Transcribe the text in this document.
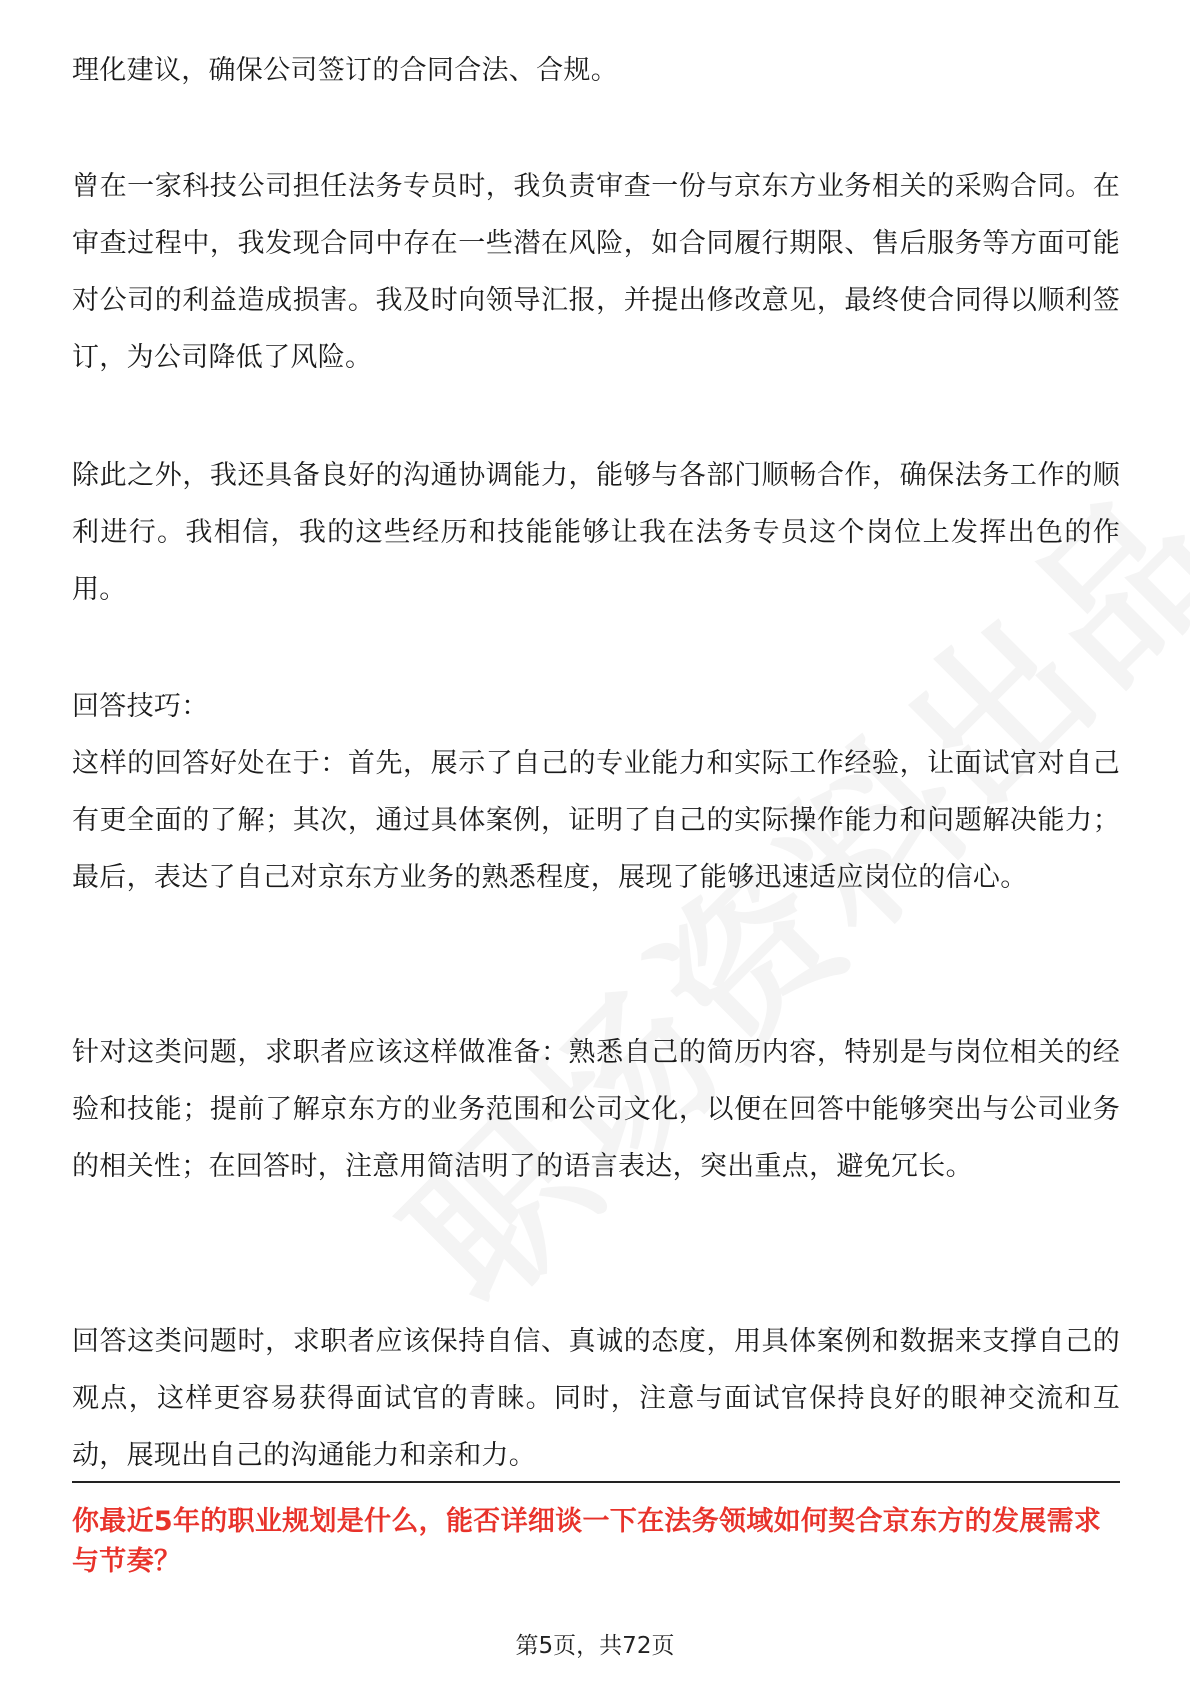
理化建议，确保公司签订的合同合法、合规。

曾在一家科技公司担任法务专员时，我负责审查一份与京东方业务相关的采购合同。在审查过程中，我发现合同中存在一些潜在风险，如合同履行期限、售后服务等方面可能对公司的利益造成损害。我及时向领导汇报，并提出修改意见，最终使合同得以顺利签订，为公司降低了风险。

除此之外，我还具备良好的沟通协调能力，能够与各部门顺畅合作，确保法务工作的顺利进行。我相信，我的这些经历和技能能够让我在法务专员这个岗位上发挥出色的作用。

回答技巧：
这样的回答好处在于：首先，展示了自己的专业能力和实际工作经验，让面试官对自己有更全面的了解；其次，通过具体案例，证明了自己的实际操作能力和问题解决能力；最后，表达了自己对京东方业务的熟悉程度，展现了能够迅速适应岗位的信心。

针对这类问题，求职者应该这样做准备：熟悉自己的简历内容，特别是与岗位相关的经验和技能；提前了解京东方的业务范围和公司文化，以便在回答中能够突出与公司业务的相关性；在回答时，注意用简洁明了的语言表达，突出重点，避免冗长。

回答这类问题时，求职者应该保持自信、真诚的态度，用具体案例和数据来支撑自己的观点，这样更容易获得面试官的青睐。同时，注意与面试官保持良好的眼神交流和互动，展现出自己的沟通能力和亲和力。

你最近5年的职业规划是什么，能否详细谈一下在法务领域如何契合京东方的发展需求与节奏？

第5页，共72页
